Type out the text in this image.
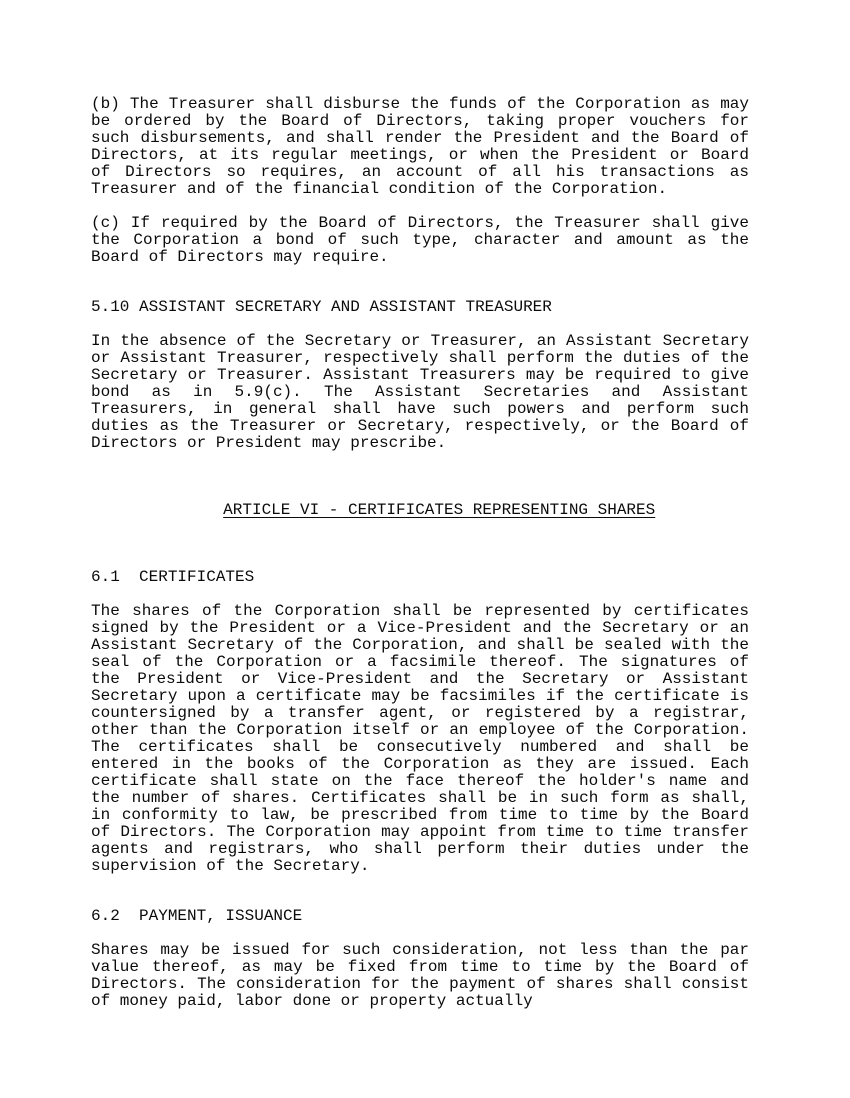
(b) The Treasurer shall disburse the funds of the Corporation as may be ordered by the Board of Directors, taking proper vouchers for such disbursements, and shall render the President and the Board of Directors, at its regular meetings, or when the President or Board of Directors so requires, an account of all his transactions as Treasurer and of the financial condition of the Corporation.

(c) If required by the Board of Directors, the Treasurer shall give the Corporation a bond of such type, character and amount as the Board of Directors may require.

5.10 ASSISTANT SECRETARY AND ASSISTANT TREASURER

In the absence of the Secretary or Treasurer, an Assistant Secretary or Assistant Treasurer, respectively shall perform the duties of the Secretary or Treasurer. Assistant Treasurers may be required to give bond as in 5.9(c). The Assistant Secretaries and Assistant Treasurers, in general shall have such powers and perform such duties as the Treasurer or Secretary, respectively, or the Board of Directors or President may prescribe.

ARTICLE VI - CERTIFICATES REPRESENTING SHARES

6.1  CERTIFICATES

The shares of the Corporation shall be represented by certificates signed by the President or a Vice-President and the Secretary or an Assistant Secretary of the Corporation, and shall be sealed with the seal of the Corporation or a facsimile thereof. The signatures of the President or Vice-President and the Secretary or Assistant Secretary upon a certificate may be facsimiles if the certificate is countersigned by a transfer agent, or registered by a registrar, other than the Corporation itself or an employee of the Corporation. The certificates shall be consecutively numbered and shall be entered in the books of the Corporation as they are issued. Each certificate shall state on the face thereof the holder's name and the number of shares. Certificates shall be in such form as shall, in conformity to law, be prescribed from time to time by the Board of Directors. The Corporation may appoint from time to time transfer agents and registrars, who shall perform their duties under the supervision of the Secretary.

6.2  PAYMENT, ISSUANCE

Shares may be issued for such consideration, not less than the par value thereof, as may be fixed from time to time by the Board of Directors. The consideration for the payment of shares shall consist of money paid, labor done or property actually
